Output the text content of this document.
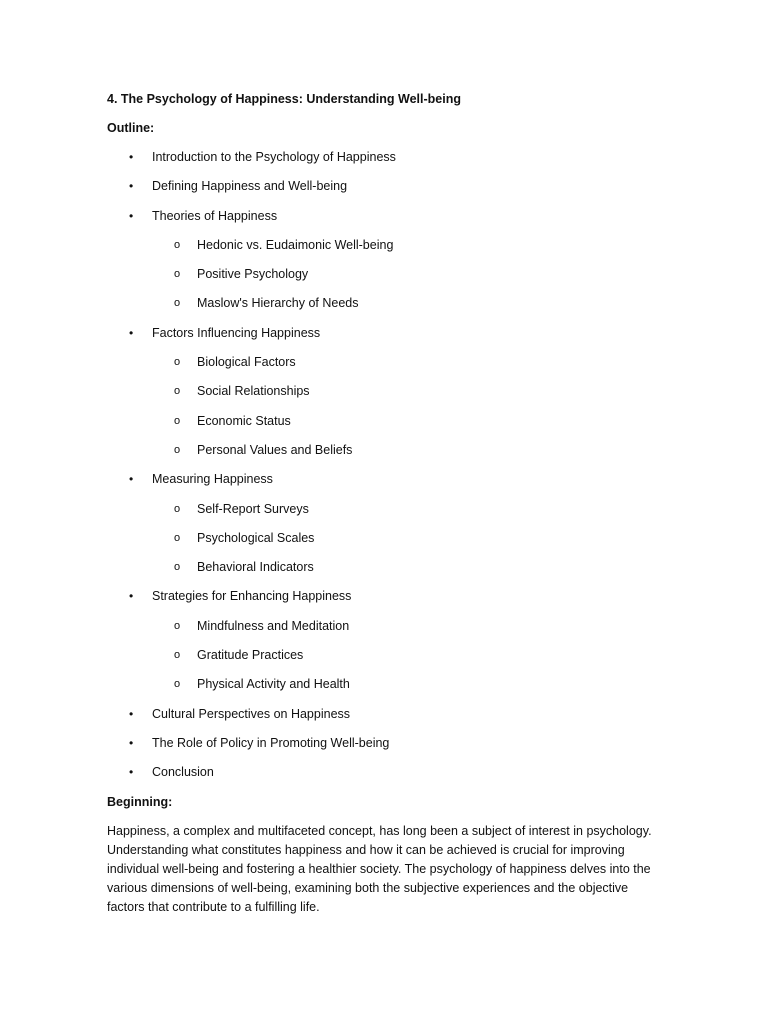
4. The Psychology of Happiness: Understanding Well-being
Outline:
• Introduction to the Psychology of Happiness
• Defining Happiness and Well-being
• Theories of Happiness
o Hedonic vs. Eudaimonic Well-being
o Positive Psychology
o Maslow's Hierarchy of Needs
• Factors Influencing Happiness
o Biological Factors
o Social Relationships
o Economic Status
o Personal Values and Beliefs
• Measuring Happiness
o Self-Report Surveys
o Psychological Scales
o Behavioral Indicators
• Strategies for Enhancing Happiness
o Mindfulness and Meditation
o Gratitude Practices
o Physical Activity and Health
• Cultural Perspectives on Happiness
• The Role of Policy in Promoting Well-being
• Conclusion
Beginning:

Happiness, a complex and multifaceted concept, has long been a subject of interest in psychology. Understanding what constitutes happiness and how it can be achieved is crucial for improving individual well-being and fostering a healthier society. The psychology of happiness delves into the various dimensions of well-being, examining both the subjective experiences and the objective factors that contribute to a fulfilling life.
